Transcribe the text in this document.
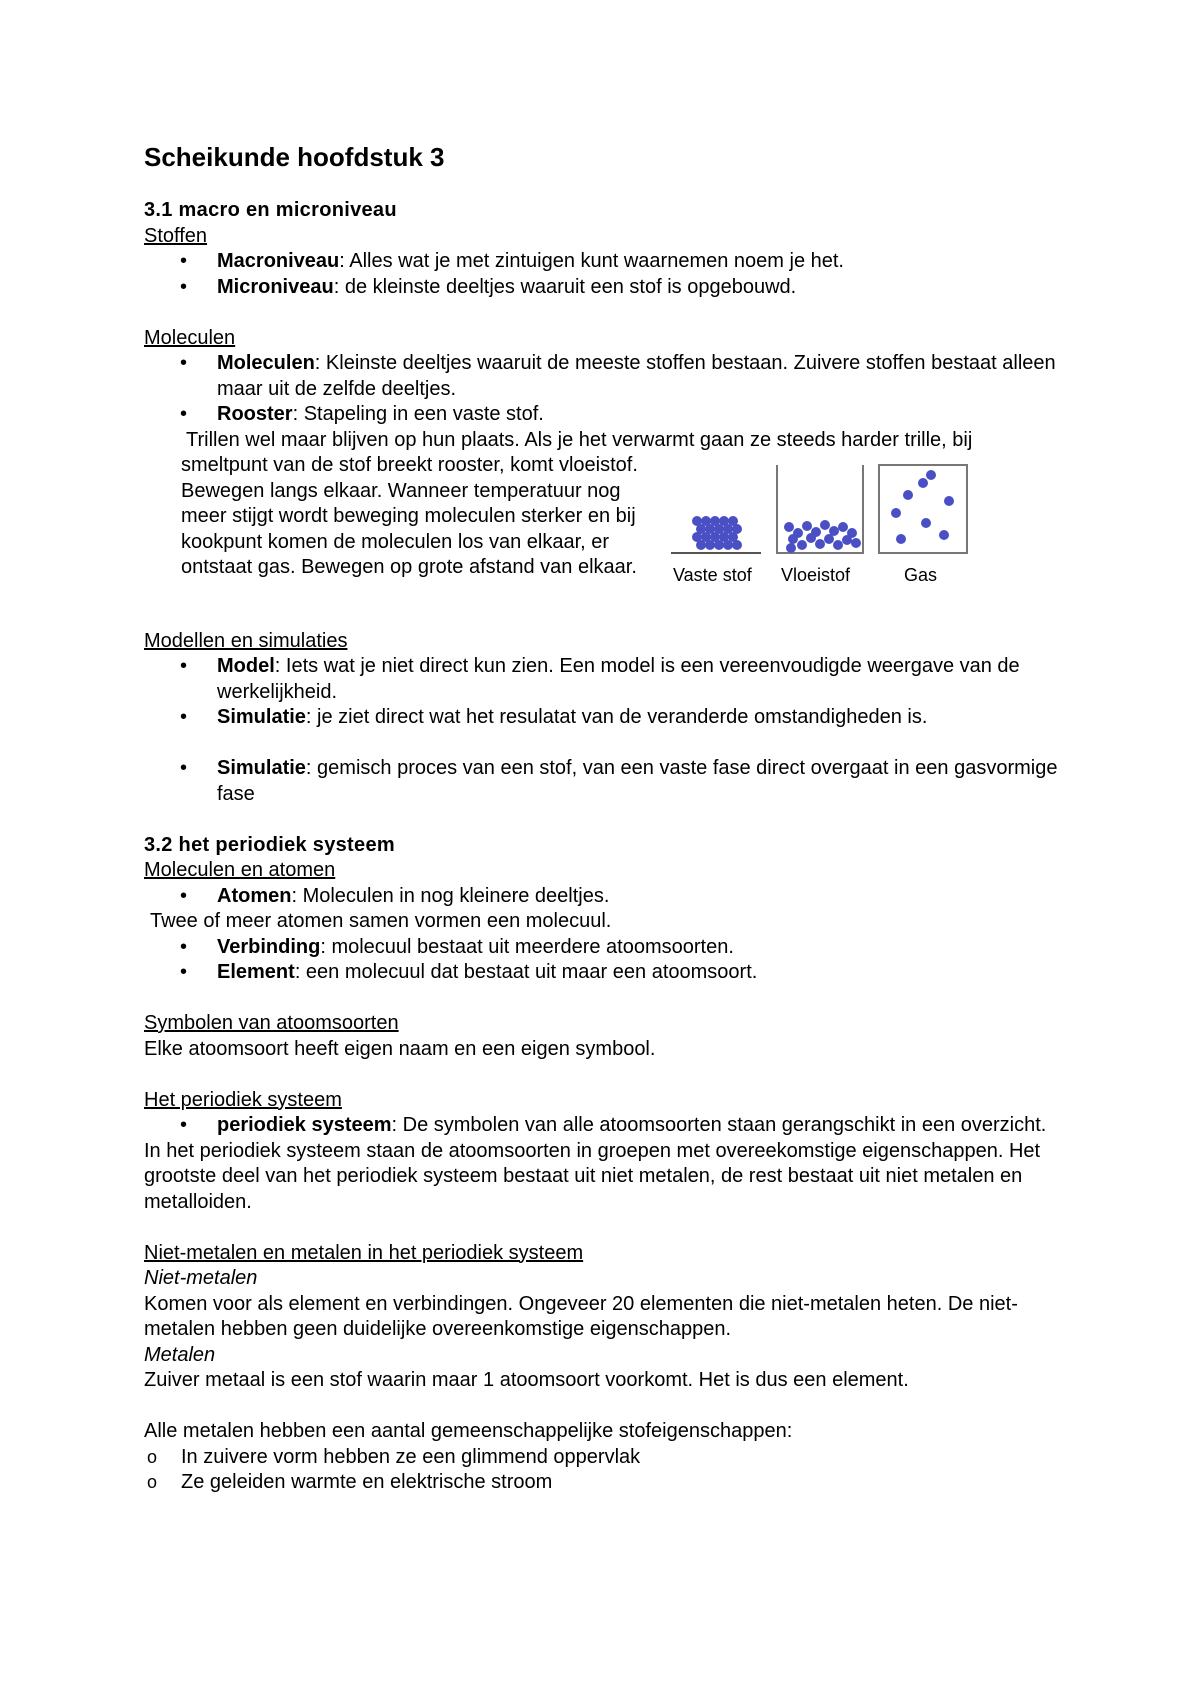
Scheikunde hoofdstuk 3
3.1 macro en microniveau
Stoffen
• Macroniveau: Alles wat je met zintuigen kunt waarnemen noem je het.
• Microniveau: de kleinste deeltjes waaruit een stof is opgebouwd.
Moleculen
• Moleculen: Kleinste deeltjes waaruit de meeste stoffen bestaan. Zuivere stoffen bestaat alleen maar uit de zelfde deeltjes.
• Rooster: Stapeling in een vaste stof.
Trillen wel maar blijven op hun plaats. Als je het verwarmt gaan ze steeds harder trille, bij
smeltpunt van de stof breekt rooster, komt vloeistof. Bewegen langs elkaar. Wanneer temperatuur nog meer stijgt wordt beweging moleculen sterker en bij kookpunt komen de moleculen los van elkaar, er ontstaat gas. Bewegen op grote afstand van elkaar.	Vaste stof Vloeistof	Gas
Modellen en simulaties
• Model: Iets wat je niet direct kun zien. Een model is een vereenvoudigde weergave van de werkelijkheid.
• Simulatie: je ziet direct wat het resulatat van de veranderde omstandigheden is.
• Simulatie: gemisch proces van een stof, van een vaste fase direct overgaat in een gasvormige fase
3.2 het periodiek systeem
Moleculen en atomen
• Atomen: Moleculen in nog kleinere deeltjes.
Twee of meer atomen samen vormen een molecuul.
• Verbinding: molecuul bestaat uit meerdere atoomsoorten.
• Element: een molecuul dat bestaat uit maar een atoomsoort.
Symbolen van atoomsoorten
Elke atoomsoort heeft eigen naam en een eigen symbool.
Het periodiek systeem
• periodiek systeem: De symbolen van alle atoomsoorten staan gerangschikt in een overzicht.
In het periodiek systeem staan de atoomsoorten in groepen met overeekomstige eigenschappen. Het grootste deel van het periodiek systeem bestaat uit niet metalen, de rest bestaat uit niet metalen en metalloiden.
Niet-metalen en metalen in het periodiek systeem
Niet-metalen
Komen voor als element en verbindingen. Ongeveer 20 elementen die niet-metalen heten. De niet-metalen hebben geen duidelijke overeenkomstige eigenschappen.
Metalen
Zuiver metaal is een stof waarin maar 1 atoomsoort voorkomt. Het is dus een element.
Alle metalen hebben een aantal gemeenschappelijke stofeigenschappen:
o In zuivere vorm hebben ze een glimmend oppervlak
o Ze geleiden warmte en elektrische stroom
